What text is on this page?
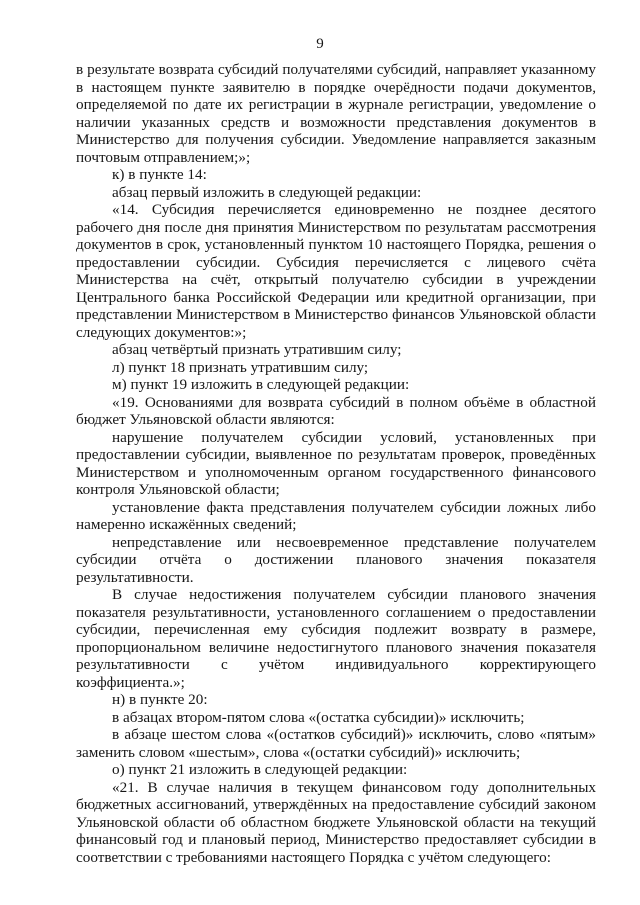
9

в результате возврата субсидий получателями субсидий, направляет указанному в настоящем пункте заявителю в порядке очерёдности подачи документов, определяемой по дате их регистрации в журнале регистрации, уведомление о наличии указанных средств и возможности представления документов в Министерство для получения субсидии. Уведомление направляется заказным почтовым отправлением;»;

к) в пункте 14:

абзац первый изложить в следующей редакции:

«14. Субсидия перечисляется единовременно не позднее десятого рабочего дня после дня принятия Министерством по результатам рассмотрения документов в срок, установленный пунктом 10 настоящего Порядка, решения о предоставлении субсидии. Субсидия перечисляется с лицевого счёта Министерства на счёт, открытый получателю субсидии в учреждении Центрального банка Российской Федерации или кредитной организации, при представлении Министерством в Министерство финансов Ульяновской области следующих документов:»;

абзац четвёртый признать утратившим силу;

л) пункт 18 признать утратившим силу;

м) пункт 19 изложить в следующей редакции:

«19. Основаниями для возврата субсидий в полном объёме в областной бюджет Ульяновской области являются:

нарушение получателем субсидии условий, установленных при предоставлении субсидии, выявленное по результатам проверок, проведённых Министерством и уполномоченным органом государственного финансового контроля Ульяновской области;

установление факта представления получателем субсидии ложных либо намеренно искажённых сведений;

непредставление или несвоевременное представление получателем субсидии отчёта о достижении планового значения показателя результативности.

В случае недостижения получателем субсидии планового значения показателя результативности, установленного соглашением о предоставлении субсидии, перечисленная ему субсидия подлежит возврату в размере, пропорциональном величине недостигнутого планового значения показателя результативности с учётом индивидуального корректирующего коэффициента.»;

н) в пункте 20:

в абзацах втором-пятом слова «(остатка субсидии)» исключить;

в абзаце шестом слова «(остатков субсидий)» исключить, слово «пятым» заменить словом «шестым», слова «(остатки субсидий)» исключить;

о) пункт 21 изложить в следующей редакции:

«21. В случае наличия в текущем финансовом году дополнительных бюджетных ассигнований, утверждённых на предоставление субсидий законом Ульяновской области об областном бюджете Ульяновской области на текущий финансовый год и плановый период, Министерство предоставляет субсидии в соответствии с требованиями настоящего Порядка с учётом следующего:
